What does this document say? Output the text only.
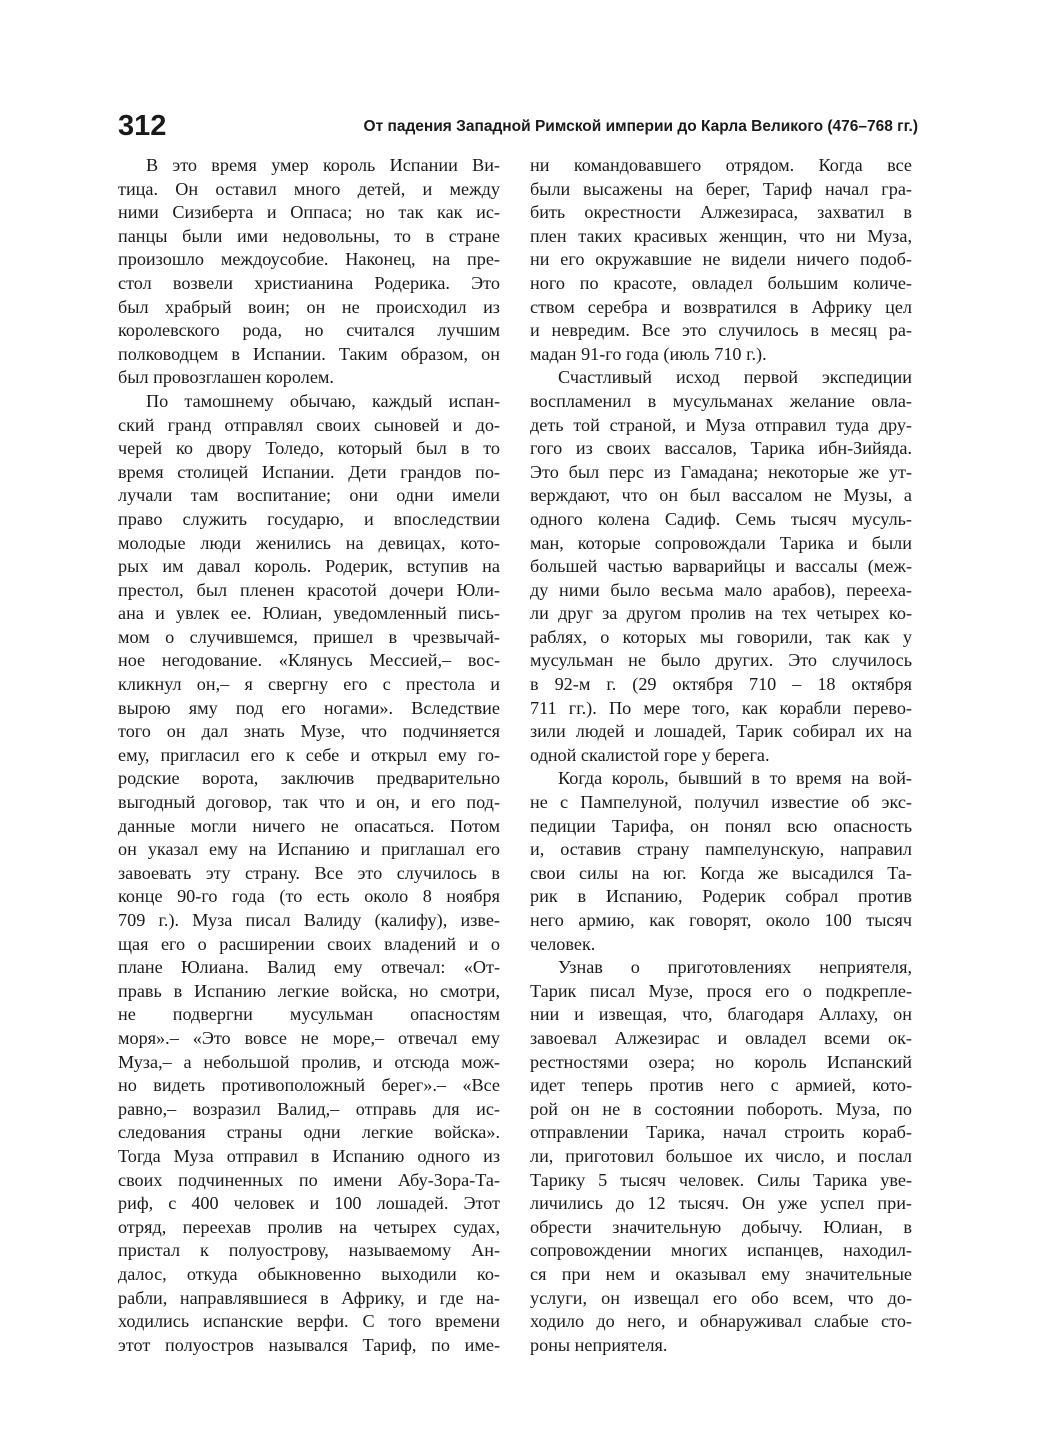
312	От падения Западной Римской империи до Карла Великого (476–768 гг.)
В это время умер король Испании Ви-
тица. Он оставил много детей, и между
ними Сизиберта и Оппаса; но так как ис-
панцы были ими недовольны, то в стране
произошло междоусобие. Наконец, на пре-
стол возвели христианина Родерика. Это
был храбрый воин; он не происходил из
королевского рода, но считался лучшим
полководцем в Испании. Таким образом, он
был провозглашен королем.
По тамошнему обычаю, каждый испан-
ский гранд отправлял своих сыновей и до-
черей ко двору Толедо, который был в то
время столицей Испании. Дети грандов по-
лучали там воспитание; они одни имели
право служить государю, и впоследствии
молодые люди женились на девицах, кото-
рых им давал король. Родерик, вступив на
престол, был пленен красотой дочери Юли-
ана и увлек ее. Юлиан, уведомленный пись-
мом о случившемся, пришел в чрезвычай-
ное негодование. «Клянусь Мессией,– вос-
кликнул он,– я свергну его с престола и
вырою яму под его ногами». Вследствие
того он дал знать Музе, что подчиняется
ему, пригласил его к себе и открыл ему го-
родские ворота, заключив предварительно
выгодный договор, так что и он, и его под-
данные могли ничего не опасаться. Потом
он указал ему на Испанию и приглашал его
завоевать эту страну. Все это случилось в
конце 90-го года (то есть около 8 ноября
709 г.). Муза писал Валиду (калифу), изве-
щая его о расширении своих владений и о
плане Юлиана. Валид ему отвечал: «От-
правь в Испанию легкие войска, но смотри,
не подвергни мусульман опасностям
моря».– «Это вовсе не море,– отвечал ему
Муза,– а небольшой пролив, и отсюда мож-
но видеть противоположный берег».– «Все
равно,– возразил Валид,– отправь для ис-
следования страны одни легкие войска».
Тогда Муза отправил в Испанию одного из
своих подчиненных по имени Абу-Зора-Та-
риф, с 400 человек и 100 лошадей. Этот
отряд, переехав пролив на четырех судах,
пристал к полуострову, называемому Ан-
далос, откуда обыкновенно выходили ко-
рабли, направлявшиеся в Африку, и где на-
ходились испанские верфи. С того времени
этот полуостров назывался Тариф, по име-
ни командовавшего отрядом. Когда все
были высажены на берег, Тариф начал гра-
бить окрестности Алжезираса, захватил в
плен таких красивых женщин, что ни Муза,
ни его окружавшие не видели ничего подоб-
ного по красоте, овладел большим количе-
ством серебра и возвратился в Африку цел
и невредим. Все это случилось в месяц ра-
мадан 91-го года (июль 710 г.).
Счастливый исход первой экспедиции
воспламенил в мусульманах желание овла-
деть той страной, и Муза отправил туда дру-
гого из своих вассалов, Тарика ибн-Зийяда.
Это был перс из Гамадана; некоторые же ут-
верждают, что он был вассалом не Музы, а
одного колена Садиф. Семь тысяч мусуль-
ман, которые сопровождали Тарика и были
большей частью варварийцы и вассалы (меж-
ду ними было весьма мало арабов), перееха-
ли друг за другом пролив на тех четырех ко-
раблях, о которых мы говорили, так как у
мусульман не было других. Это случилось
в 92-м г. (29 октября 710 – 18 октября
711 гг.). По мере того, как корабли перево-
зили людей и лошадей, Тарик собирал их на
одной скалистой горе у берега.
Когда король, бывший в то время на вой-
не с Пампелуной, получил известие об экс-
педиции Тарифа, он понял всю опасность
и, оставив страну пампелунскую, направил
свои силы на юг. Когда же высадился Та-
рик в Испанию, Родерик собрал против
него армию, как говорят, около 100 тысяч
человек.
Узнав о приготовлениях неприятеля,
Тарик писал Музе, прося его о подкрепле-
нии и извещая, что, благодаря Аллаху, он
завоевал Алжезирас и овладел всеми ок-
рестностями озера; но король Испанский
идет теперь против него с армией, кото-
рой он не в состоянии побороть. Муза, по
отправлении Тарика, начал строить кораб-
ли, приготовил большое их число, и послал
Тарику 5 тысяч человек. Силы Тарика уве-
личились до 12 тысяч. Он уже успел при-
обрести значительную добычу. Юлиан, в
сопровождении многих испанцев, находил-
ся при нем и оказывал ему значительные
услуги, он извещал его обо всем, что до-
ходило до него, и обнаруживал слабые сто-
роны неприятеля.
